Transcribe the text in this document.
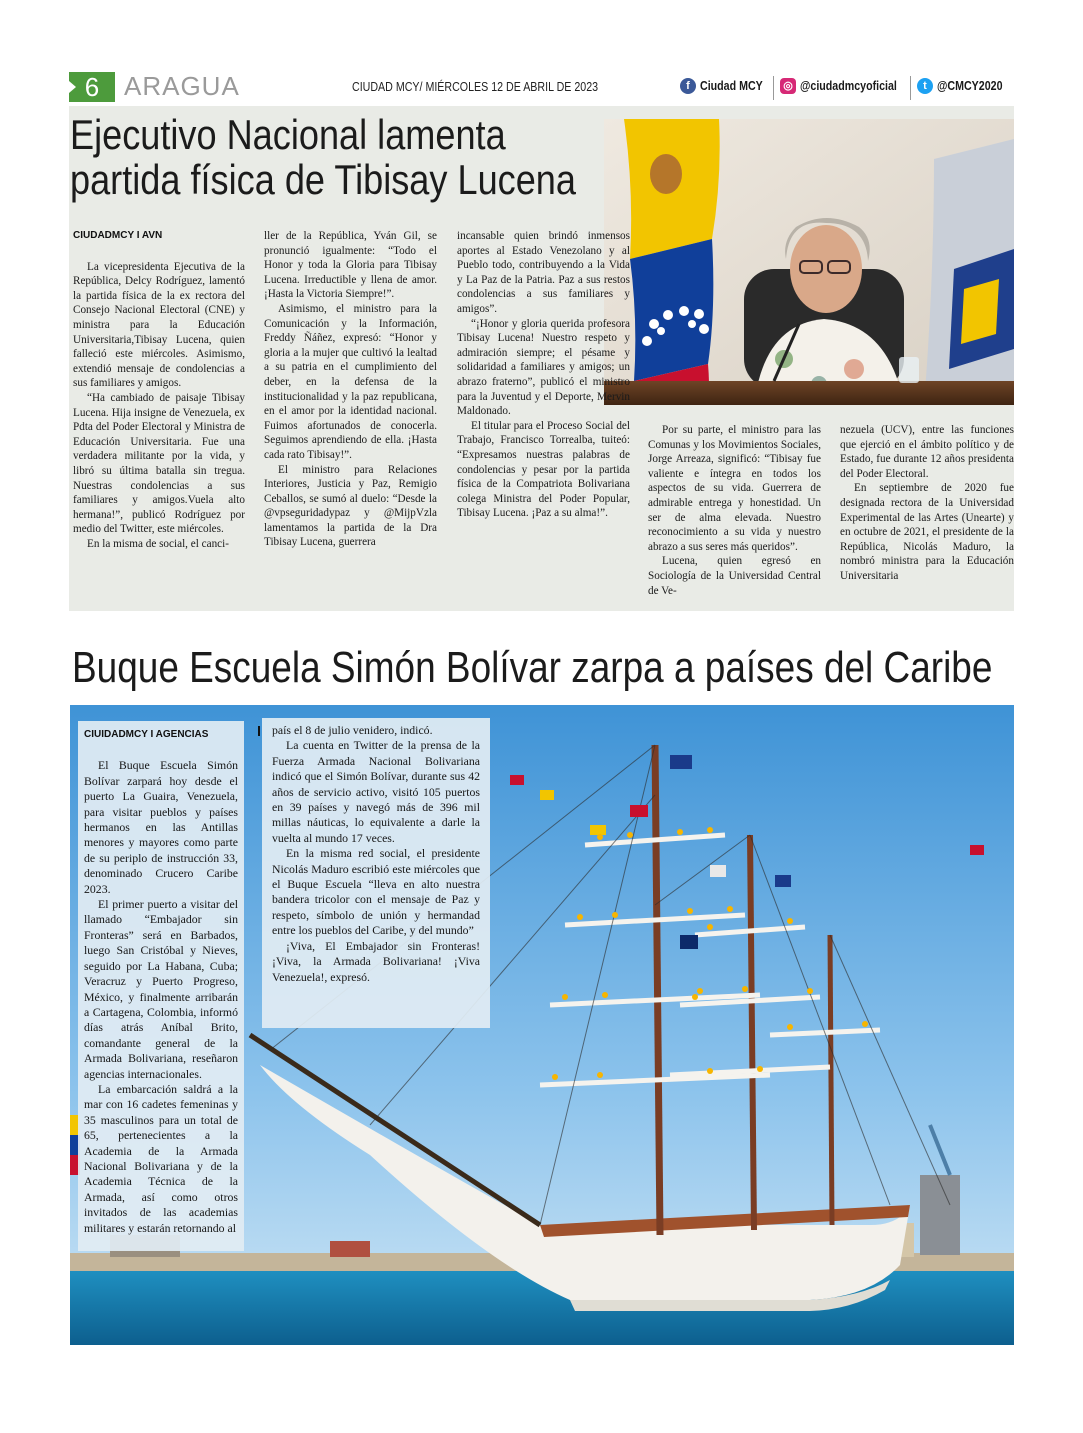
6 ARAGUA	CIUDAD MCY/ MIÉRCOLES 12 DE ABRIL DE 2023	f Ciudad MCY ◎ @ciudadmcyoficial	t @CMCY2020
Ejecutivo Nacional lamenta
partida física de Tibisay Lucena
CIUDADMCY I AVN

La vicepresidenta Ejecutiva de la República, Delcy Rodríguez, lamentó la partida física de la ex rectora del Consejo Nacional Electoral (CNE) y ministra para la Educación Universitaria,Tibisay Lucena, quien falleció este miércoles. Asimismo, extendió mensaje de condolencias a sus familiares y amigos.

“Ha cambiado de paisaje Tibisay Lucena. Hija insigne de Venezuela, ex Pdta del Poder Electoral y Ministra de Educación Universitaria. Fue una verdadera militante por la vida, y libró su última batalla sin tregua. Nuestras condolencias a sus familiares y amigos.Vuela alto hermana!”, publicó Rodríguez por medio del Twitter, este miércoles.

En la misma de social, el canci-

ller de la República, Yván Gil, se pronunció igualmente: “Todo el Honor y toda la Gloria para Tibisay Lucena. Irreductible y llena de amor. ¡Hasta la Victoria Siempre!”.

Asimismo, el ministro para la Comunicación y la Información, Freddy Ñáñez, expresó: “Honor y gloria a la mujer que cultivó la lealtad a su patria en el cumplimiento del deber, en la defensa de la institucionalidad y la paz republicana, en el amor por la identidad nacional. Fuimos afortunados de conocerla. Seguimos aprendiendo de ella. ¡Hasta cada rato Tibisay!”.

El ministro para Relaciones Interiores, Justicia y Paz, Remigio Ceballos, se sumó al duelo: “Desde la @vpseguridadypaz y @MijpVzla lamentamos la partida de la Dra Tibisay Lucena, guerrera

incansable quien brindó inmensos aportes al Estado Venezolano y al Pueblo todo, contribuyendo a la Vida y La Paz de la Patria. Paz a sus restos condolencias a sus familiares y amigos”.

“¡Honor y gloria querida profesora Tibisay Lucena! Nuestro respeto y admiración siempre; el pésame y solidaridad a familiares y amigos; un abrazo fraterno”, publicó el ministro para la Juventud y el Deporte, Mervin Maldonado.

El titular para el Proceso Social del Trabajo, Francisco Torrealba, tuiteó: “Expresamos nuestras palabras de condolencias y pesar por la partida física de la Compatriota Bolivariana colega Ministra del Poder Popular, Tibisay Lucena. ¡Paz a su alma!”.

Por su parte, el ministro para las Comunas y los Movimientos Sociales, Jorge Arreaza, significó: “Tibisay fue valiente e íntegra en todos los aspectos de su vida. Guerrera de admirable entrega y honestidad. Un ser de alma elevada. Nuestro reconocimiento a su vida y nuestro abrazo a sus seres más queridos”.

Lucena, quien egresó en Sociología de la Universidad Central de Ve-

nezuela (UCV), entre las funciones que ejerció en el ámbito político y de Estado, fue durante 12 años presidenta del Poder Electoral.

En septiembre de 2020 fue designada rectora de la Universidad Experimental de las Artes (Unearte) y en octubre de 2021, el presidente de la República, Nicolás Maduro, la nombró ministra para la Educación Universitaria

Buque Escuela Simón Bolívar zarpa a países del Caribe
CIUIDADMCY I AGENCIAS

El Buque Escuela Simón Bolívar zarpará hoy desde el puerto La Guaira, Venezuela, para visitar pueblos y países hermanos en las Antillas menores y mayores como parte de su periplo de instrucción 33, denominado Crucero Caribe 2023.

El primer puerto a visitar del llamado “Embajador sin Fronteras” será en Barbados, luego San Cristóbal y Nieves, seguido por La Habana, Cuba; Veracruz y Puerto Progreso, México, y finalmente arribarán a Cartagena, Colombia, informó días atrás Aníbal Brito, comandante general de la Armada Bolivariana, reseñaron agencias internacionales.

La embarcación saldrá a la mar con 16 cadetes femeninas y 35 masculinos para un total de 65, pertenecientes a la Academia de la Armada Nacional Bolivariana y de la Academia Técnica de la Armada, así como otros invitados de las academias militares y estarán retornando al

país el 8 de julio venidero, indicó.

La cuenta en Twitter de la prensa de la Fuerza Armada Nacional Bolivariana indicó que el Simón Bolívar, durante sus 42 años de servicio activo, visitó 105 puertos en 39 países y navegó más de 396 mil millas náuticas, lo equivalente a darle la vuelta al mundo 17 veces.

En la misma red social, el presidente Nicolás Maduro escribió este miércoles que el Buque Escuela “lleva en alto nuestra bandera tricolor con el mensaje de Paz y respeto, símbolo de unión y hermandad entre los pueblos del Caribe, y del mundo”

¡Viva, El Embajador sin Fronteras! ¡Viva, la Armada Bolivariana! ¡Viva Venezuela!, expresó.
